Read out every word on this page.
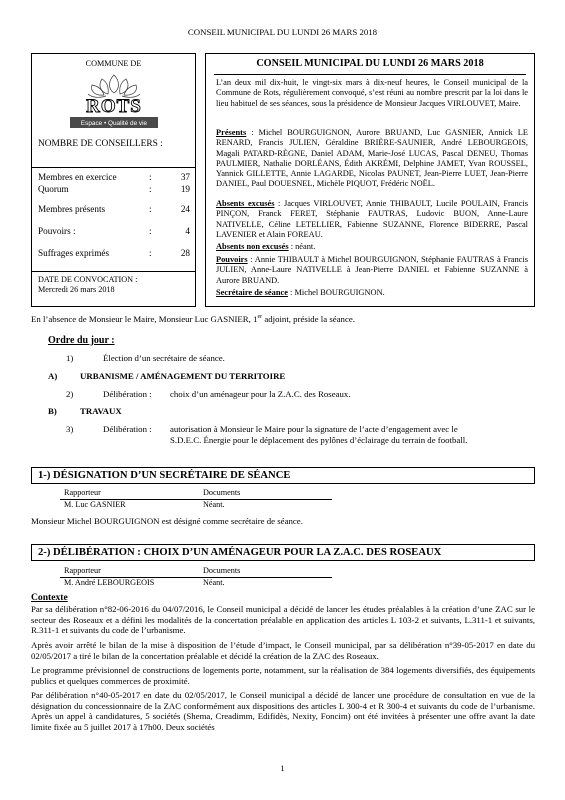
CONSEIL MUNICIPAL DU LUNDI 26 MARS 2018
COMMUNE DE
ROTS
Espace • Qualité de vie
NOMBRE DE CONSEILLERS :
Membres en exercice	:	37
Quorum	:	19
Membres présents	:	24
Pouvoirs :	:	4
Suffrages exprimés	:	28
DATE DE CONVOCATION :
Mercredi 26 mars 2018
CONSEIL MUNICIPAL DU LUNDI 26 MARS 2018
L’an deux mil dix-huit, le vingt-six mars à dix-neuf heures, le Conseil municipal de la Commune de Rots, régulièrement convoqué, s’est réuni au nombre prescrit par la loi dans le lieu habituel de ses séances, sous la présidence de Monsieur Jacques VIRLOUVET, Maire.
Présents : Michel BOURGUIGNON, Aurore BRUAND, Luc GASNIER, Annick LE RENARD, Francis JULIEN, Géraldine BRIÈRE-SAUNIER, André LEBOURGEOIS, Magali PATARD-RÈGNE, Daniel ADAM, Marie-José LUCAS, Pascal DENEU, Thomas PAULMIER, Nathalie DORLÉANS, Édith AKRÉMI, Delphine JAMET, Yvan ROUSSEL, Yannick GILLETTE, Annie LAGARDE, Nicolas PAUNET, Jean-Pierre LUET, Jean-Pierre DANIEL, Paul DOUESNEL, Michèle PIQUOT, Frédéric NOËL.
Absents excusés : Jacques VIRLOUVET, Annie THIBAULT, Lucile POULAIN, Francis PINÇON, Franck FERET, Stéphanie FAUTRAS, Ludovic BUON, Anne-Laure NATIVELLE, Céline LETELLIER, Fabienne SUZANNE, Florence BIDERRE, Pascal LAVENIER et Alain FOREAU.
Absents non excusés : néant.
Pouvoirs : Annie THIBAULT à Michel BOURGUIGNON, Stéphanie FAUTRAS à Francis JULIEN, Anne-Laure NATIVELLE à Jean-Pierre DANIEL et Fabienne SUZANNE à Aurore BRUAND.
Secrétaire de séance : Michel BOURGUIGNON.
En l’absence de Monsieur le Maire, Monsieur Luc GASNIER, 1er adjoint, préside la séance.
Ordre du jour :
1)	Élection d’un secrétaire de séance.
A)	URBANISME / AMÉNAGEMENT DU TERRITOIRE
2)	Délibération : choix d’un aménageur pour la Z.A.C. des Roseaux.
B)	TRAVAUX
3)	Délibération : autorisation à Monsieur le Maire pour la signature de l’acte d’engagement avec le
S.D.E.C. Énergie pour le déplacement des pylônes d’éclairage du terrain de football.
1-) DÉSIGNATION D’UN SECRÉTAIRE DE SÉANCE
Rapporteur	Documents
M. Luc GASNIER	Néant.
Monsieur Michel BOURGUIGNON est désigné comme secrétaire de séance.
2-) DÉLIBÉRATION : CHOIX D’UN AMÉNAGEUR POUR LA Z.A.C. DES ROSEAUX
Rapporteur	Documents
M. André LEBOURGEOIS	Néant.
Contexte
Par sa délibération n°82-06-2016 du 04/07/2016, le Conseil municipal a décidé de lancer les études préalables à la création d’une ZAC sur le secteur des Roseaux et a défini les modalités de la concertation préalable en application des articles L 103-2 et suivants, L.311-1 et suivants, R.311-1 et suivants du code de l’urbanisme.
Après avoir arrêté le bilan de la mise à disposition de l’étude d’impact, le Conseil municipal, par sa délibération n°39-05-2017 en date du 02/05/2017 a tiré le bilan de la concertation préalable et décidé la création de la ZAC des Roseaux.
Le programme prévisionnel de constructions de logements porte, notamment, sur la réalisation de 384 logements diversifiés, des équipements publics et quelques commerces de proximité.
Par délibération n°40-05-2017 en date du 02/05/2017, le Conseil municipal a décidé de lancer une procédure de consultation en vue de la désignation du concessionnaire de la ZAC conformément aux dispositions des articles L 300-4 et R 300-4 et suivants du code de l’urbanisme. Après un appel à candidatures, 5 sociétés (Shema, Creadimm, Edifidès, Nexity, Foncim) ont été invitées à présenter une offre avant la date limite fixée au 5 juillet 2017 à 17h00. Deux sociétés
1
